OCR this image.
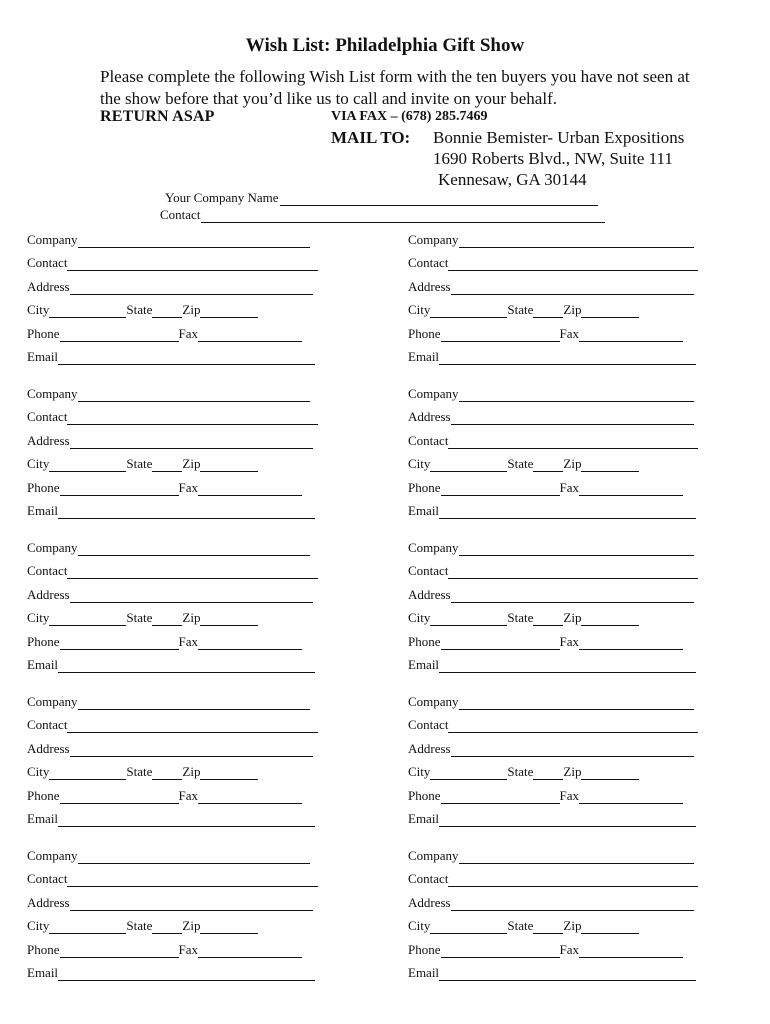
Wish List: Philadelphia Gift Show
Please complete the following Wish List form with the ten buyers you have not seen at
the show before that you’d like us to call and invite on your behalf.
RETURN ASAP	VIA FAX – (678) 285.7469
MAIL TO: Bonnie Bemister- Urban Expositions
1690 Roberts Blvd., NW, Suite 111
Kennesaw, GA 30144
Your Company Name
Contact
Company
Contact
Address
City	State Zip
Phone	Fax
Email
Company
Contact
Address
City	State Zip
Phone	Fax
Email
Company
Contact
Address
City	State Zip
Phone	Fax
Email
Company
Address
Contact
City	State Zip
Phone	Fax
Email
Company
Contact
Address
City	State Zip
Phone	Fax
Email
Company
Contact
Address
City	State Zip
Phone	Fax
Email
Company
Contact
Address
City	State Zip
Phone	Fax
Email
Company
Contact
Address
City	State Zip
Phone	Fax
Email
Company
Contact
Address
City	State Zip
Phone	Fax
Email
Company
Contact
Address
City	State Zip
Phone	Fax
Email
